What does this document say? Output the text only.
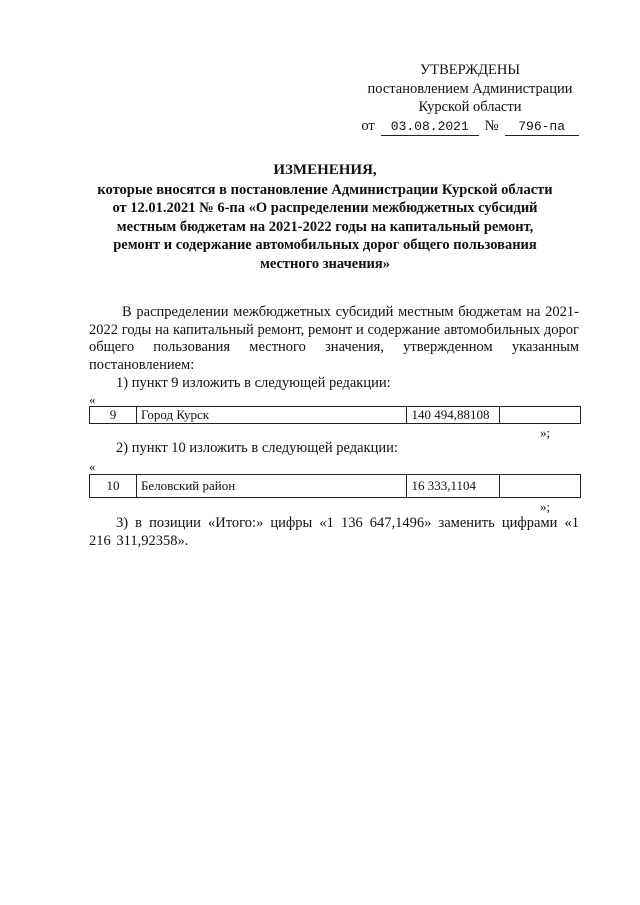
УТВЕРЖДЕНЫ
постановлением Администрации
Курской области
от	03.08.2021	№	796-па
ИЗМЕНЕНИЯ,
которые вносятся в постановление Администрации Курской области
от 12.01.2021 № 6-па «О распределении межбюджетных субсидий
местным бюджетам на 2021-2022 годы на капитальный ремонт,
ремонт и содержание автомобильных дорог общего пользования
местного значения»
В распределении межбюджетных субсидий местным бюджетам на 2021-2022 годы на капитальный ремонт, ремонт и содержание автомобильных дорог общего пользования местного значения, утвержденном указанным постановлением:
1) пункт 9 изложить в следующей редакции:
«
9	Город Курск	140 494,88108	
»;
2) пункт 10 изложить в следующей редакции:
«
10	Беловский район	16 333,1104	
»;
3) в позиции «Итого:» цифры «1 136 647,1496» заменить цифрами «1 216 311,92358».
